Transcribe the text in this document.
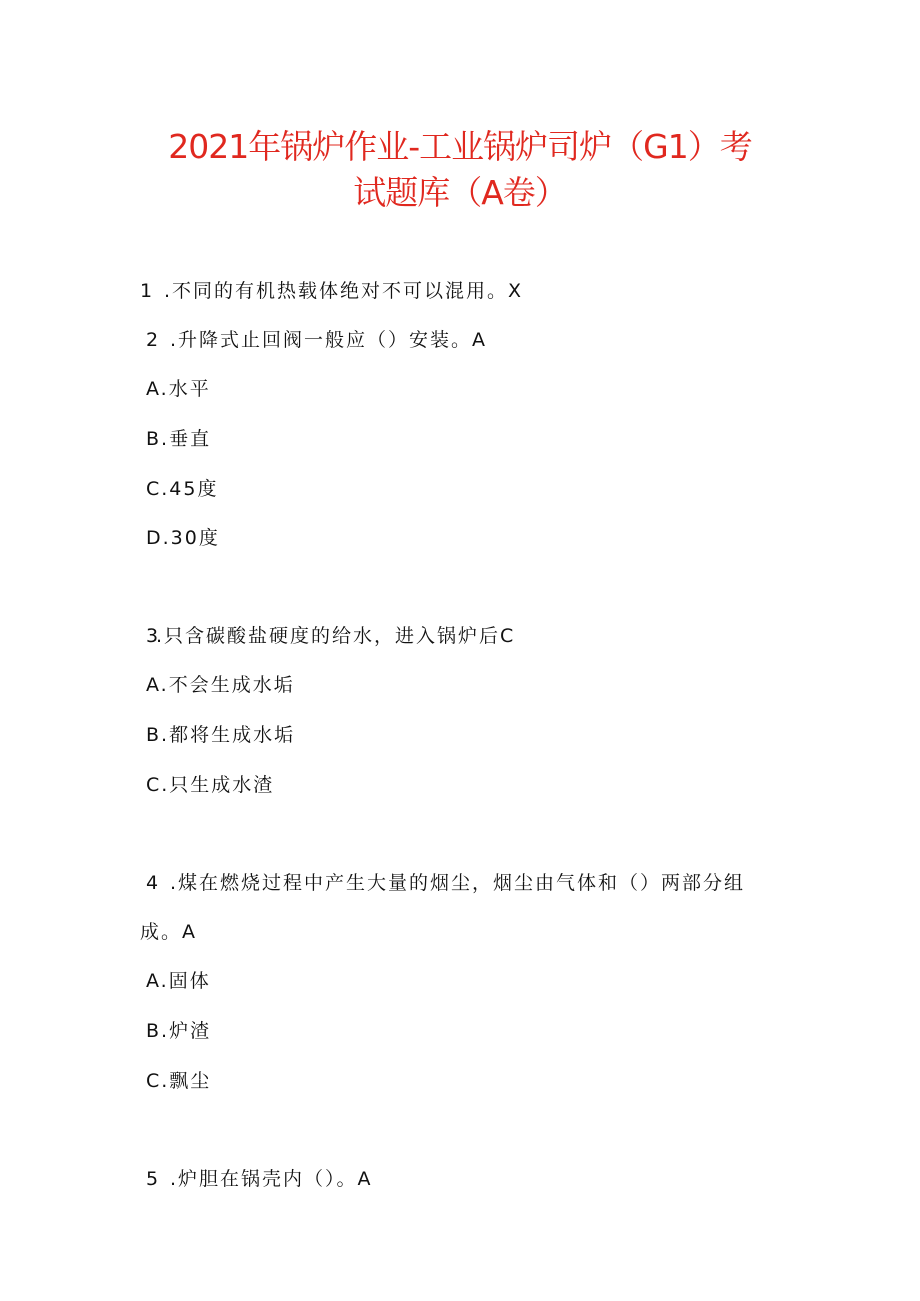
2021年锅炉作业-工业锅炉司炉（G1）考
试题库（A卷）
1 .不同的有机热载体绝对不可以混用。X
2 .升降式止回阀一般应（）安装。A
A.水平
B.垂直
C.45度
D.30度
3.只含碳酸盐硬度的给水，进入锅炉后C
A.不会生成水垢
B.都将生成水垢
C.只生成水渣
4 .煤在燃烧过程中产生大量的烟尘，烟尘由气体和（）两部分组
成。A
A.固体
B.炉渣
C.飘尘
5 .炉胆在锅壳内（）。A
